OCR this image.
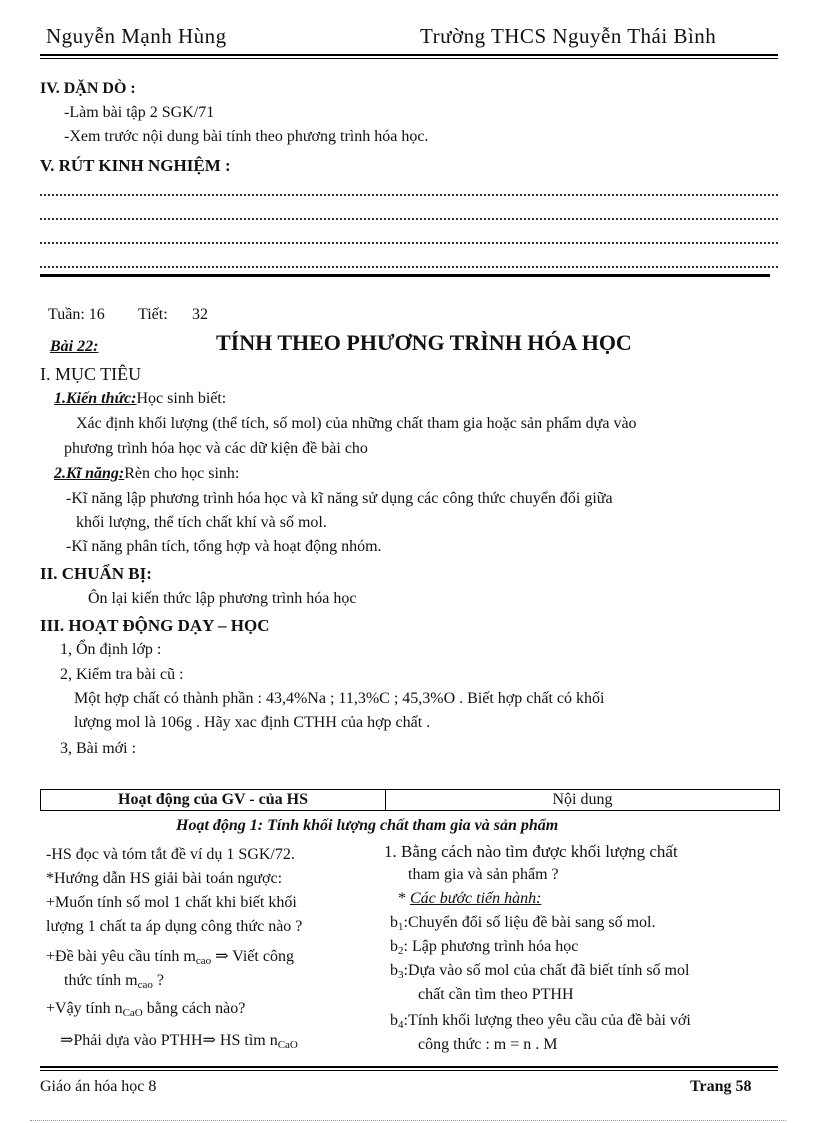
Nguyễn Mạnh Hùng	Trường THCS Nguyễn Thái Bình
IV. DẶN DÒ :
-Làm bài tập 2 SGK/71
-Xem trước nội dung bài tính theo phương trình hóa học.
V. RÚT KINH NGHIỆM :
Tuần: 16 Tiết: 32
Bài 22:	TÍNH THEO PHƯƠNG TRÌNH HÓA HỌC
I. MỤC TIÊU
1.Kiến thức:Học sinh biết:
Xác định khối lượng (thể tích, số mol) của những chất tham gia hoặc sản phẩm dựa vào
phương trình hóa học và các dữ kiện đề bài cho
2.Kĩ năng:Rèn cho học sinh:
-Kĩ năng lập phương trình hóa học và kĩ năng sử dụng các công thức chuyển đổi giữa
khối lượng, thể tích chất khí và số mol.
-Kĩ năng phân tích, tổng hợp và hoạt động nhóm.
II. CHUẨN BỊ:
Ôn lại kiến thức lập phương trình hóa học
III. HOẠT ĐỘNG DẠY – HỌC
1, Ổn định lớp :
2, Kiểm tra bài cũ :
Một hợp chất có thành phần : 43,4%Na ; 11,3%C ; 45,3%O . Biết hợp chất có khối
lượng mol là 106g . Hãy xac định CTHH của hợp chất .
3, Bài mới :
Hoạt động của GV - của HS	Nội dung
Hoạt động 1: Tính khối lượng chất tham gia và sản phẩm
-HS đọc và tóm tắt đề ví dụ 1 SGK/72.
*Hướng dẫn HS giải bài toán ngược:
+Muốn tính số mol 1 chất khi biết khối
lượng 1 chất ta áp dụng công thức nào ?
+Đề bài yêu cầu tính $m_{cao}$ ⇒ Viết công
thức tính $m_{cao}$ ?
+Vậy tính $n_{CaO}$ bằng cách nào?
⇒Phải dựa vào PTHH⇒ HS tìm $n_{CaO}$
1. Bằng cách nào tìm được khối lượng chất
tham gia và sản phẩm ?
* Các bước tiến hành:
$b_1:Chuyển$ đổi số liệu đề bài sang số mol.
$b_2$: Lập phương trình hóa học
$b_3:Dựa$ vào số mol của chất đã biết tính số mol
chất cần tìm theo PTHH
$b_4:Tính$ khối lượng theo yêu cầu của đề bài với
công thức : m = n . M
Giáo án hóa học 8	Trang 58
